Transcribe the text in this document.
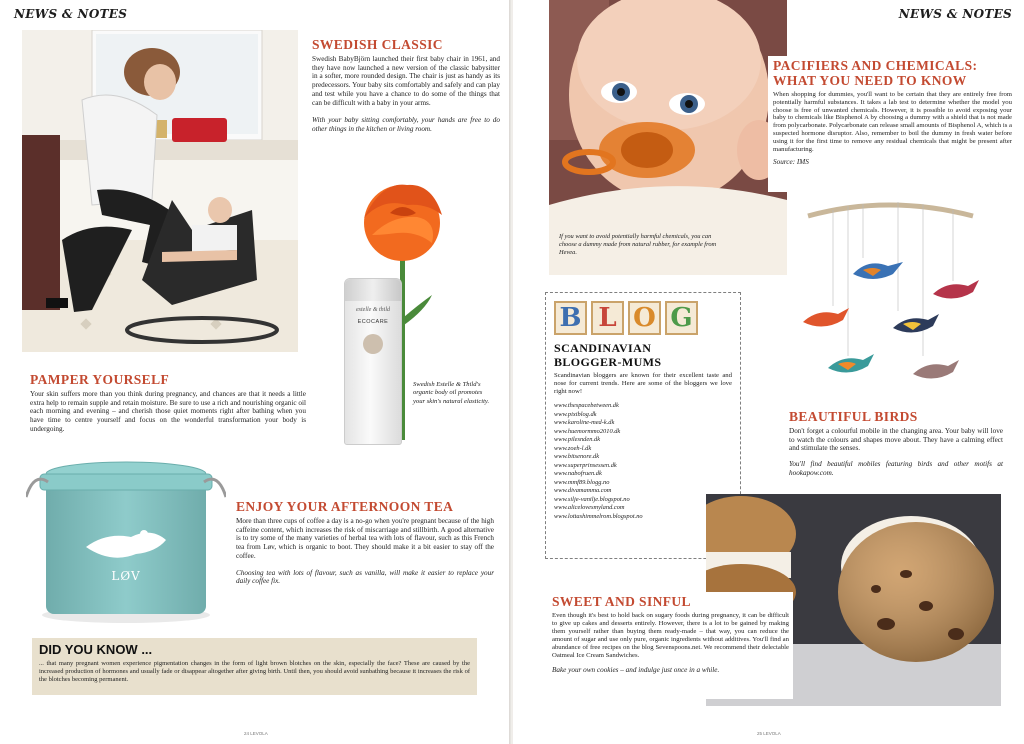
NEWS & NOTES
SWEDISH CLASSIC

Swedish BabyBjörn launched their first baby chair in 1961, and they have now launched a new version of the classic babysitter in a softer, more rounded design. The chair is just as handy as its predecessors. Your baby sits comfortably and safely and can play and test while you have a chance to do some of the things that can be difficult with a baby in your arms.

With your baby sitting comfortably, your hands are free to do other things in the kitchen or living room.

estelle & thild
ECOCARE

Swedish Estelle & Thild's organic body oil promotes your skin's natural elasticity.

PAMPER YOURSELF

Your skin suffers more than you think during pregnancy, and chances are that it needs a little extra help to remain supple and retain moisture. Be sure to use a rich and nourishing organic oil each morning and evening – and cherish those quiet moments right after bathing when you have time to centre yourself and focus on the wonderful transformation your body is undergoing.

LØV
ENJOY YOUR AFTERNOON TEA

More than three cups of coffee a day is a no-go when you're pregnant because of the high caffeine content, which increases the risk of miscarriage and stillbirth. A good alternative is to try some of the many varieties of herbal tea with lots of flavour, such as this French tea from Løv, which is organic to boot. They should make it a bit easier to stay off the coffee.

Choosing tea with lots of flavour, such as vanilla, will make it easier to replace your daily coffee fix.

DID YOU KNOW ...

... that many pregnant women experience pigmentation changes in the form of light brown blotches on the skin, especially the face? These are caused by the increased production of hormones and usually fade or disappear altogether after giving birth. Until then, you should avoid sunbathing because it increases the risk of the blotches becoming permanent.

24 LEVOLA
NEWS & NOTES

If you want to avoid potentially harmful chemicals, you can choose a dummy made from natural rubber, for example from Hevea.

PACIFIERS AND CHEMICALS:
WHAT YOU NEED TO KNOW

When shopping for dummies, you'll want to be certain that they are entirely free from potentially harmful substances. It takes a lab test to determine whether the model you choose is free of unwanted chemicals. However, it is possible to avoid exposing your baby to chemicals like Bisphenol A by choosing a dummy with a shield that is not made from polycarbonate. Polycarbonate can release small amounts of Bisphenol A, which is a suspected hormone disruptor. Also, remember to boil the dummy in fresh water before using it for the first time to remove any residual chemicals that might be present after manufacturing.

Source: IMS

B L O G
SCANDINAVIAN
BLOGGER-MUMS

Scandinavian bloggers are known for their excellent taste and nose for current trends. Here are some of the bloggers we love right now!

www.thespacebetween.dk
www.pixiblog.dk
www.karoline-med-k.dk
www.huemormmo2010.dk
www.pilesnden.dk
www.zoeh-l.dk
www.bitsenore.dk
www.superprinsessen.dk
www.nabofruen.dk
www.mmf89.blogg.no
www.divamamma.com
www.silje-vanilje.blogspot.no
www.alicelovesmyland.com
www.lottashimmelrom.blogspot.no
BEAUTIFUL BIRDS

Don't forget a colourful mobile in the changing area. Your baby will love to watch the colours and shapes move about. They have a calming effect and stimulate the senses.

You'll find beautiful mobiles featuring birds and other motifs at hookapow.com.

SWEET AND SINFUL

Even though it's best to hold back on sugary foods during pregnancy, it can be difficult to give up cakes and desserts entirely. However, there is a lot to be gained by making them yourself rather than buying them ready-made – that way, you can reduce the amount of sugar and use only pure, organic ingredients without additives. You'll find an abundance of free recipes on the blog Sevenspoons.net. We recommend their delectable Oatmeal Ice Cream Sandwiches.

Bake your own cookies – and indulge just once in a while.

25 LEVOLA
